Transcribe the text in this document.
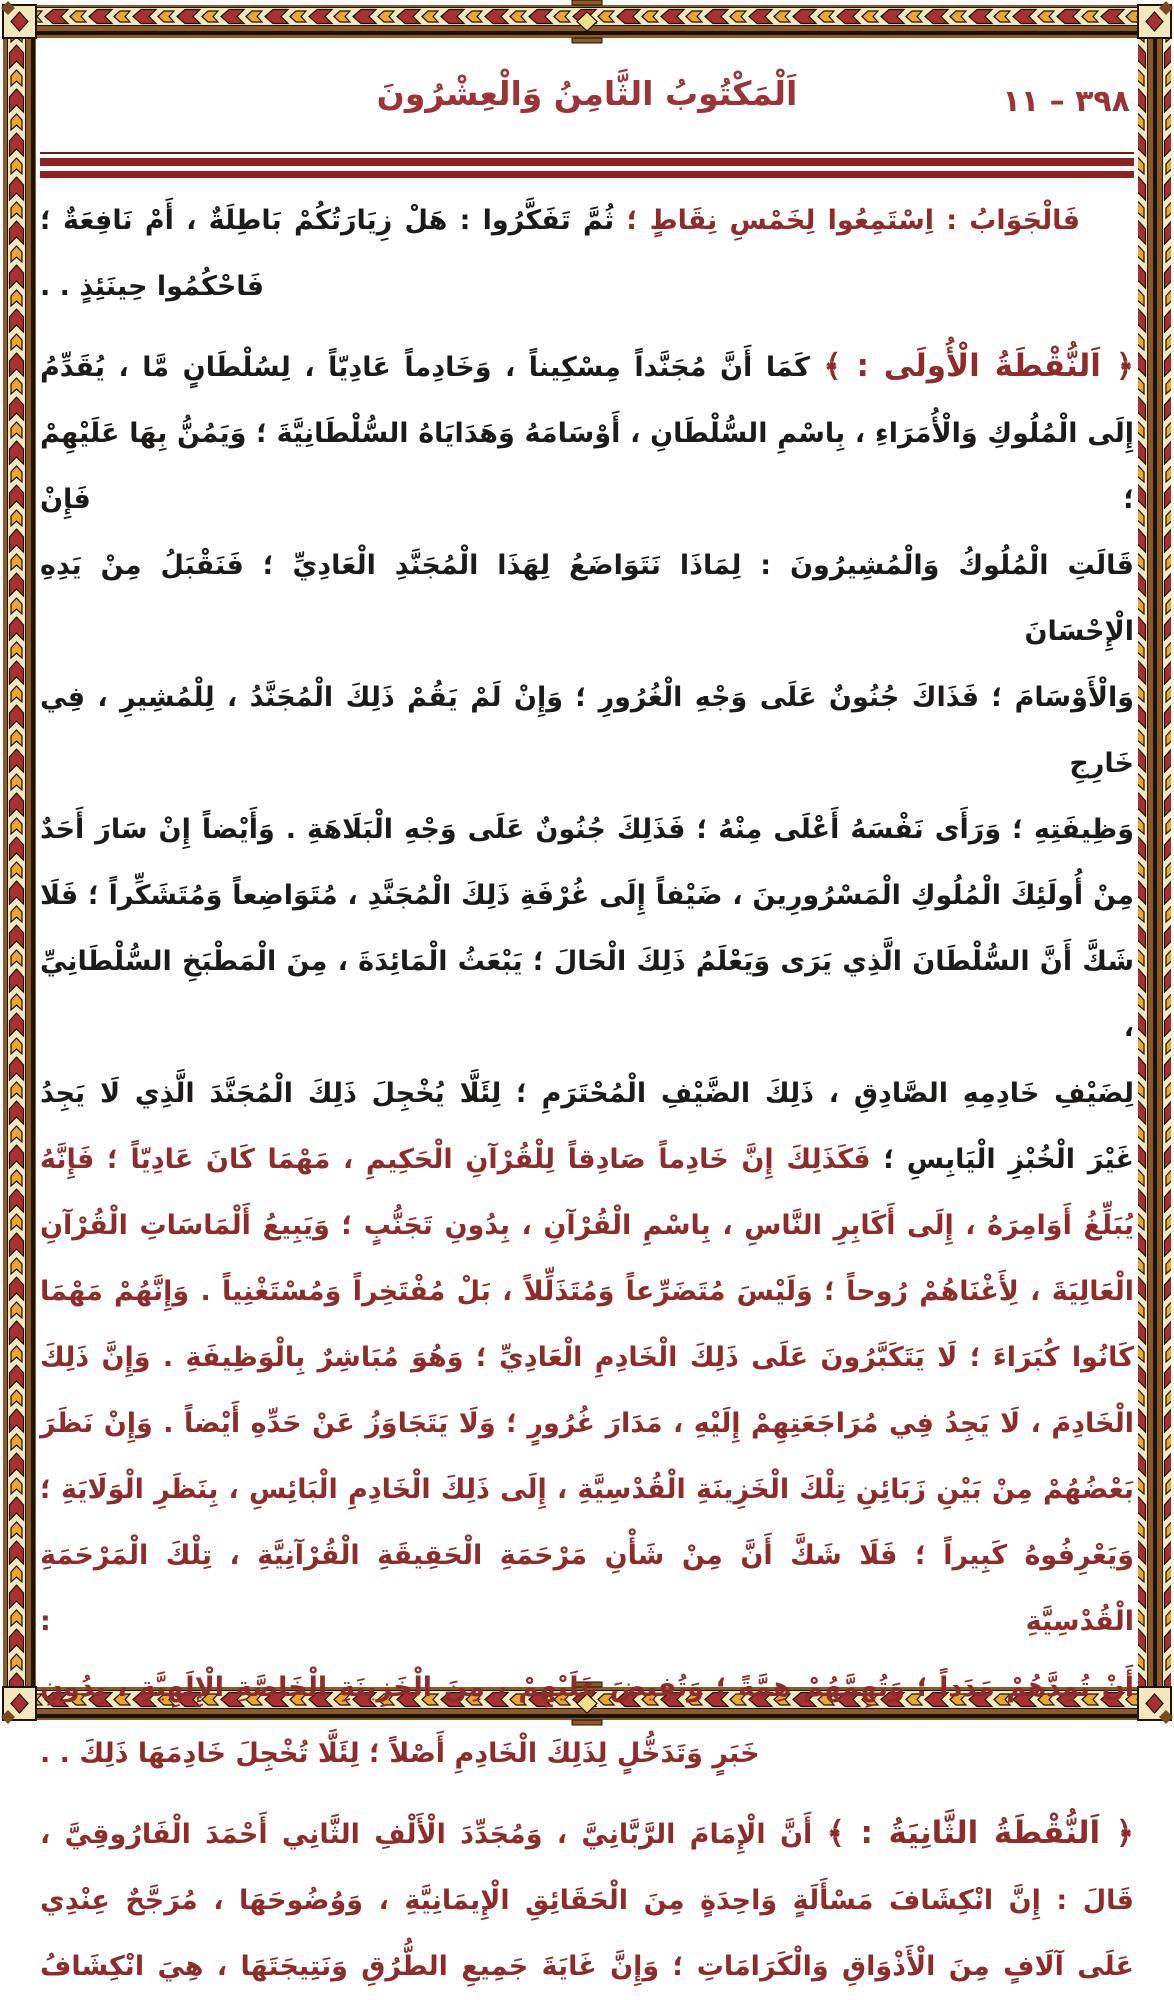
٣٩٨ – ١١
اَلْمَكْتُوبُ الثَّامِنُ وَالْعِشْرُونَ
فَالْجَوَابُ : اِسْتَمِعُوا لِخَمْسِ نِقَاطٍ ؛ ثُمَّ تَفَكَّرُوا : هَلْ زِيَارَتُكُمْ بَاطِلَةٌ ، أَمْ نَافِعَةٌ ؛
فَاحْكُمُوا حِينَئِذٍ . .
﴿ اَلنُّقْطَةُ الْأُولَى : ﴾ كَمَا أَنَّ مُجَنَّداً مِسْكِيناً ، وَخَادِماً عَادِيّاً ، لِسُلْطَانٍ مَّا ، يُقَدِّمُ
إِلَى الْمُلُوكِ وَالْأُمَرَاءِ ، بِاسْمِ السُّلْطَانِ ، أَوْسَامَهُ وَهَدَايَاهُ السُّلْطَانِيَّةَ ؛ وَيَمُنُّ بِهَا عَلَيْهِمْ ؛ فَإِنْ
قَالَتِ الْمُلُوكُ وَالْمُشِيرُونَ : لِمَاذَا نَتَوَاضَعُ لِهَذَا الْمُجَنَّدِ الْعَادِيِّ ؛ فَنَقْبَلُ مِنْ يَدِهِ الْإِحْسَانَ
وَالْأَوْسَامَ ؛ فَذَاكَ جُنُونٌ عَلَى وَجْهِ الْغُرُورِ ؛ وَإِنْ لَمْ يَقُمْ ذَلِكَ الْمُجَنَّدُ ، لِلْمُشِيرِ ، فِي خَارِجِ
وَظِيفَتِهِ ؛ وَرَأَى نَفْسَهُ أَعْلَى مِنْهُ ؛ فَذَلِكَ جُنُونٌ عَلَى وَجْهِ الْبَلَاهَةِ . وَأَيْضاً إِنْ سَارَ أَحَدٌ
مِنْ أُولَئِكَ الْمُلُوكِ الْمَسْرُورِينَ ، ضَيْفاً إِلَى غُرْفَةِ ذَلِكَ الْمُجَنَّدِ ، مُتَوَاضِعاً وَمُتَشَكِّراً ؛ فَلَا
شَكَّ أَنَّ السُّلْطَانَ الَّذِي يَرَى وَيَعْلَمُ ذَلِكَ الْحَالَ ؛ يَبْعَثُ الْمَائِدَةَ ، مِنَ الْمَطْبَخِ السُّلْطَانِيِّ ،
لِضَيْفِ خَادِمِهِ الصَّادِقِ ، ذَلِكَ الضَّيْفِ الْمُحْتَرَمِ ؛ لِئَلَّا يُخْجِلَ ذَلِكَ الْمُجَنَّدَ الَّذِي لَا يَجِدُ
غَيْرَ الْخُبْزِ الْيَابِسِ ؛ فَكَذَلِكَ إِنَّ خَادِماً صَادِقاً لِلْقُرْآنِ الْحَكِيمِ ، مَهْمَا كَانَ عَادِيّاً ؛ فَإِنَّهُ
يُبَلِّغُ أَوَامِرَهُ ، إِلَى أَكَابِرِ النَّاسِ ، بِاسْمِ الْقُرْآنِ ، بِدُونِ تَجَنُّبٍ ؛ وَيَبِيعُ أَلْمَاسَاتِ الْقُرْآنِ
الْعَالِيَةَ ، لِأَغْنَاهُمْ رُوحاً ؛ وَلَيْسَ مُتَضَرِّعاً وَمُتَذَلِّلاً ، بَلْ مُفْتَخِراً وَمُسْتَغْنِياً . وَإِنَّهُمْ مَهْمَا
كَانُوا كُبَرَاءَ ؛ لَا يَتَكَبَّرُونَ عَلَى ذَلِكَ الْخَادِمِ الْعَادِيِّ ؛ وَهُوَ مُبَاشِرٌ بِالْوَظِيفَةِ . وَإِنَّ ذَلِكَ
الْخَادِمَ ، لَا يَجِدُ فِي مُرَاجَعَتِهِمْ إِلَيْهِ ، مَدَارَ غُرُورٍ ؛ وَلَا يَتَجَاوَزُ عَنْ حَدِّهِ أَيْضاً . وَإِنْ نَظَرَ
بَعْضُهُمْ مِنْ بَيْنِ زَبَائِنِ تِلْكَ الْخَزِينَةِ الْقُدْسِيَّةِ ، إِلَى ذَلِكَ الْخَادِمِ الْبَائِسِ ، بِنَظَرِ الْوَلَايَةِ ؛
وَيَعْرِفُوهُ كَبِيراً ؛ فَلَا شَكَّ أَنَّ مِنْ شَأْنِ مَرْحَمَةِ الْحَقِيقَةِ الْقُرْآنِيَّةِ ، تِلْكَ الْمَرْحَمَةِ الْقُدْسِيَّةِ :
أَنْ تُمِدَّهُمْ مَدَداً ؛ وَتُهِمَّهُمْ هِمَّةً ؛ وَتُفِيضَ عَلَيْهِمْ ، مِنَ الْخَزِينَةِ الْخَاصَّةِ الْإِلَهِيَّةِ ، بِدُونِ
خَبَرٍ وَتَدَخُّلٍ لِذَلِكَ الْخَادِمِ أَصْلاً ؛ لِئَلَّا تُخْجِلَ خَادِمَهَا ذَلِكَ . .
﴿ اَلنُّقْطَةُ الثَّانِيَةُ : ﴾ أَنَّ الْإِمَامَ الرَّبَّانِيَّ ، وَمُجَدِّدَ الْأَلْفِ الثَّانِي أَحْمَدَ الْفَارُوقِيَّ ،
قَالَ : إِنَّ انْكِشَافَ مَسْأَلَةٍ وَاحِدَةٍ مِنَ الْحَقَائِقِ الْإِيمَانِيَّةِ ، وَوُضُوحَهَا ، مُرَجَّحٌ عِنْدِي
عَلَى آلَافٍ مِنَ الْأَذْوَاقِ وَالْكَرَامَاتِ ؛ وَإِنَّ غَايَةَ جَمِيعِ الطُّرُقِ وَنَتِيجَتَهَا ، هِيَ انْكِشَافُ
